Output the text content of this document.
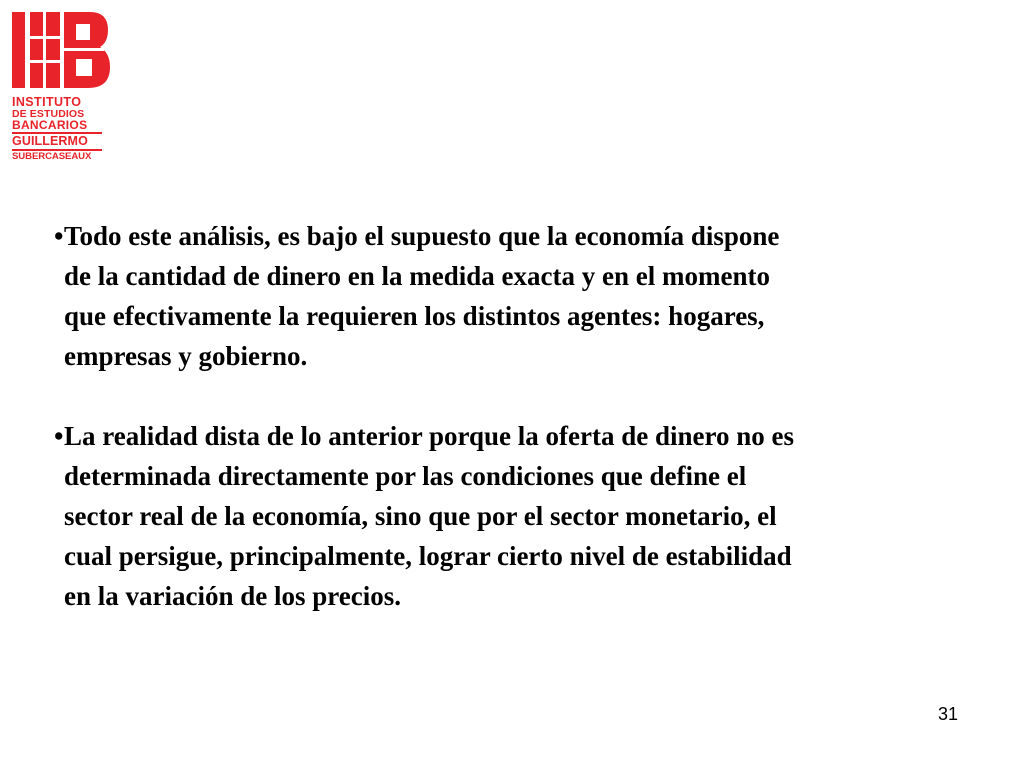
INSTITUTO
DE ESTUDIOS
BANCARIOS
GUILLERMO
SUBERCASEAUX

• Todo este análisis, es bajo el supuesto que la economía dispone
de la cantidad de dinero en la medida exacta y en el momento
que efectivamente la requieren los distintos agentes: hogares,
empresas y gobierno.

• La realidad dista de lo anterior porque la oferta de dinero no es
determinada directamente por las condiciones que define el
sector real de la economía, sino que por el sector monetario, el
cual persigue, principalmente, lograr cierto nivel de estabilidad
en la variación de los precios.

31
